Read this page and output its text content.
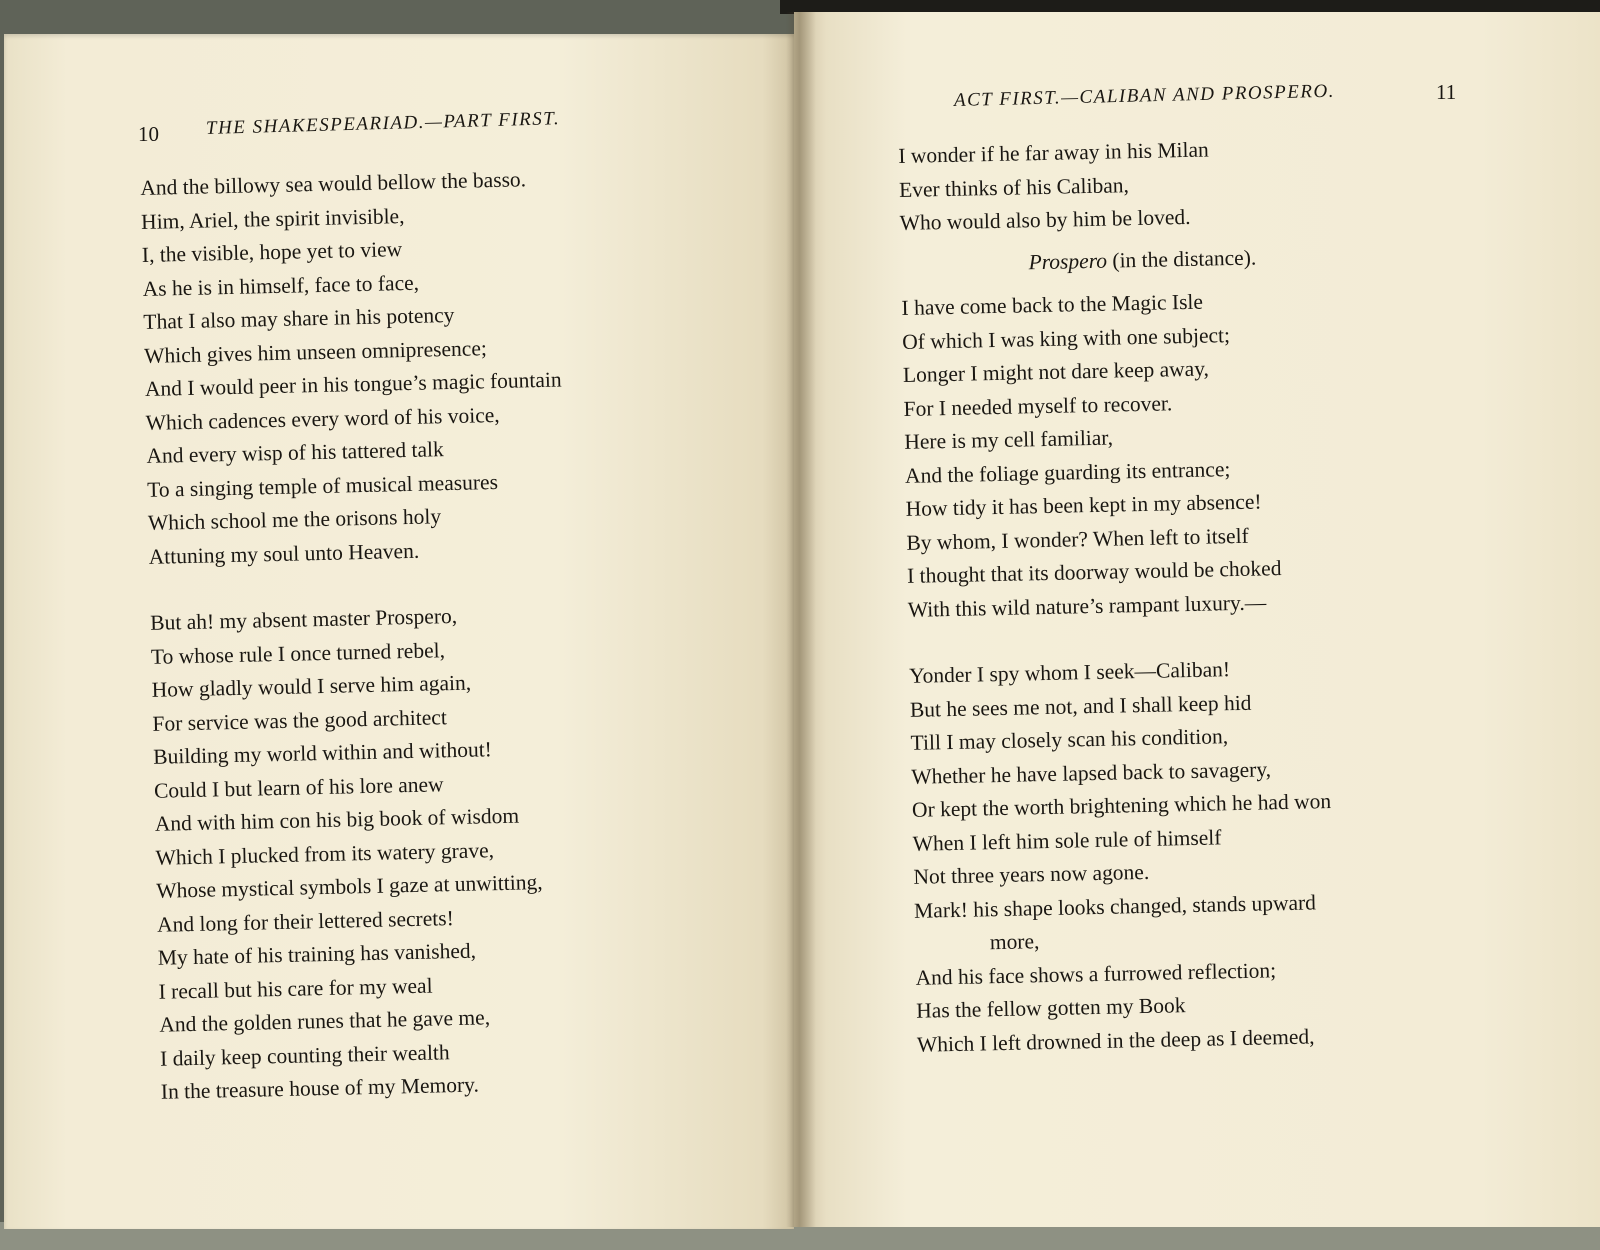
10 THE SHAKESPEARIAD.—PART FIRST.
And the billowy sea would bellow the basso.
Him, Ariel, the spirit invisible,
I, the visible, hope yet to view
As he is in himself, face to face,
That I also may share in his potency
Which gives him unseen omnipresence;
And I would peer in his tongue’s magic fountain
Which cadences every word of his voice,
And every wisp of his tattered talk
To a singing temple of musical measures
Which school me the orisons holy
Attuning my soul unto Heaven.
But ah! my absent master Prospero,
To whose rule I once turned rebel,
How gladly would I serve him again,
For service was the good architect
Building my world within and without!
Could I but learn of his lore anew
And with him con his big book of wisdom
Which I plucked from its watery grave,
Whose mystical symbols I gaze at unwitting,
And long for their lettered secrets!
My hate of his training has vanished,
I recall but his care for my weal
And the golden runes that he gave me,
I daily keep counting their wealth
In the treasure house of my Memory.
ACT FIRST.—CALIBAN AND PROSPERO.	11
I wonder if he far away in his Milan
Ever thinks of his Caliban,
Who would also by him be loved.
Prospero (in the distance).
I have come back to the Magic Isle
Of which I was king with one subject;
Longer I might not dare keep away,
For I needed myself to recover.
Here is my cell familiar,
And the foliage guarding its entrance;
How tidy it has been kept in my absence!
By whom, I wonder? When left to itself
I thought that its doorway would be choked
With this wild nature’s rampant luxury.—
Yonder I spy whom I seek—Caliban!
But he sees me not, and I shall keep hid
Till I may closely scan his condition,
Whether he have lapsed back to savagery,
Or kept the worth brightening which he had won
When I left him sole rule of himself
Not three years now agone.
Mark! his shape looks changed, stands upward
more,
And his face shows a furrowed reflection;
Has the fellow gotten my Book
Which I left drowned in the deep as I deemed,
